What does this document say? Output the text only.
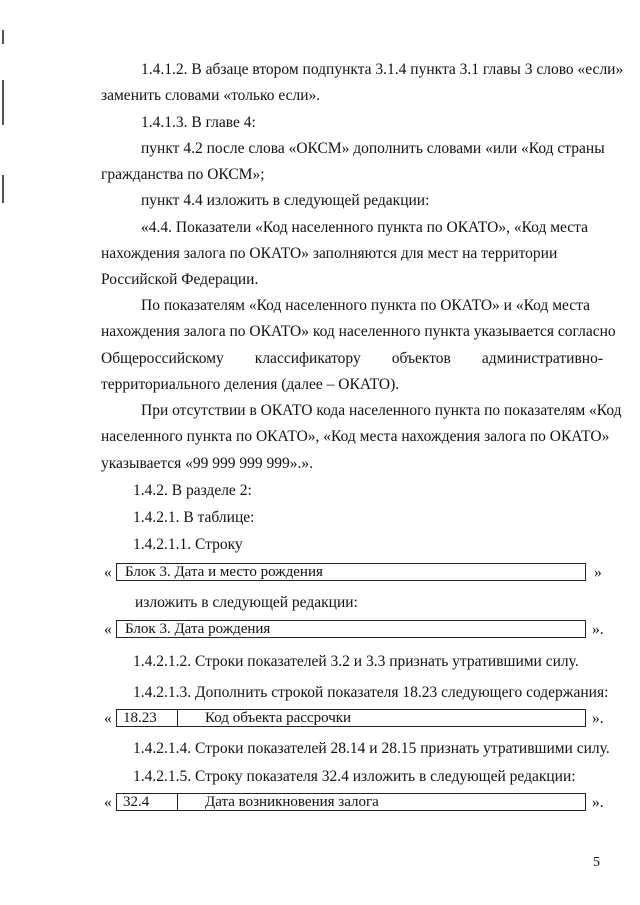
1.4.1.2. В абзаце втором подпункта 3.1.4 пункта 3.1 главы 3 слово «если»
заменить словами «только если».
1.4.1.3. В главе 4:
пункт 4.2 после слова «ОКСМ» дополнить словами «или «Код страны
гражданства по ОКСМ»;
пункт 4.4 изложить в следующей редакции:
«4.4. Показатели «Код населенного пункта по ОКАТО», «Код места
нахождения залога по ОКАТО» заполняются для мест на территории
Российской Федерации.
По показателям «Код населенного пункта по ОКАТО» и «Код места
нахождения залога по ОКАТО» код населенного пункта указывается согласно
Общероссийскому классификатору объектов административно-
территориального деления (далее – ОКАТО).
При отсутствии в ОКАТО кода населенного пункта по показателям «Код
населенного пункта по ОКАТО», «Код места нахождения залога по ОКАТО»
указывается «99 999 999 999».».
1.4.2. В разделе 2:
1.4.2.1. В таблице:
1.4.2.1.1. Строку
« Блок 3. Дата и место рождения	»
изложить в следующей редакции:
« Блок 3. Дата рождения	».
1.4.2.1.2. Строки показателей 3.2 и 3.3 признать утратившими силу.
1.4.2.1.3. Дополнить строкой показателя 18.23 следующего содержания:
« 18.23	Код объекта рассрочки	».
1.4.2.1.4. Строки показателей 28.14 и 28.15 признать утратившими силу.
1.4.2.1.5. Строку показателя 32.4 изложить в следующей редакции:
« 32.4	Дата возникновения залога	».
5
